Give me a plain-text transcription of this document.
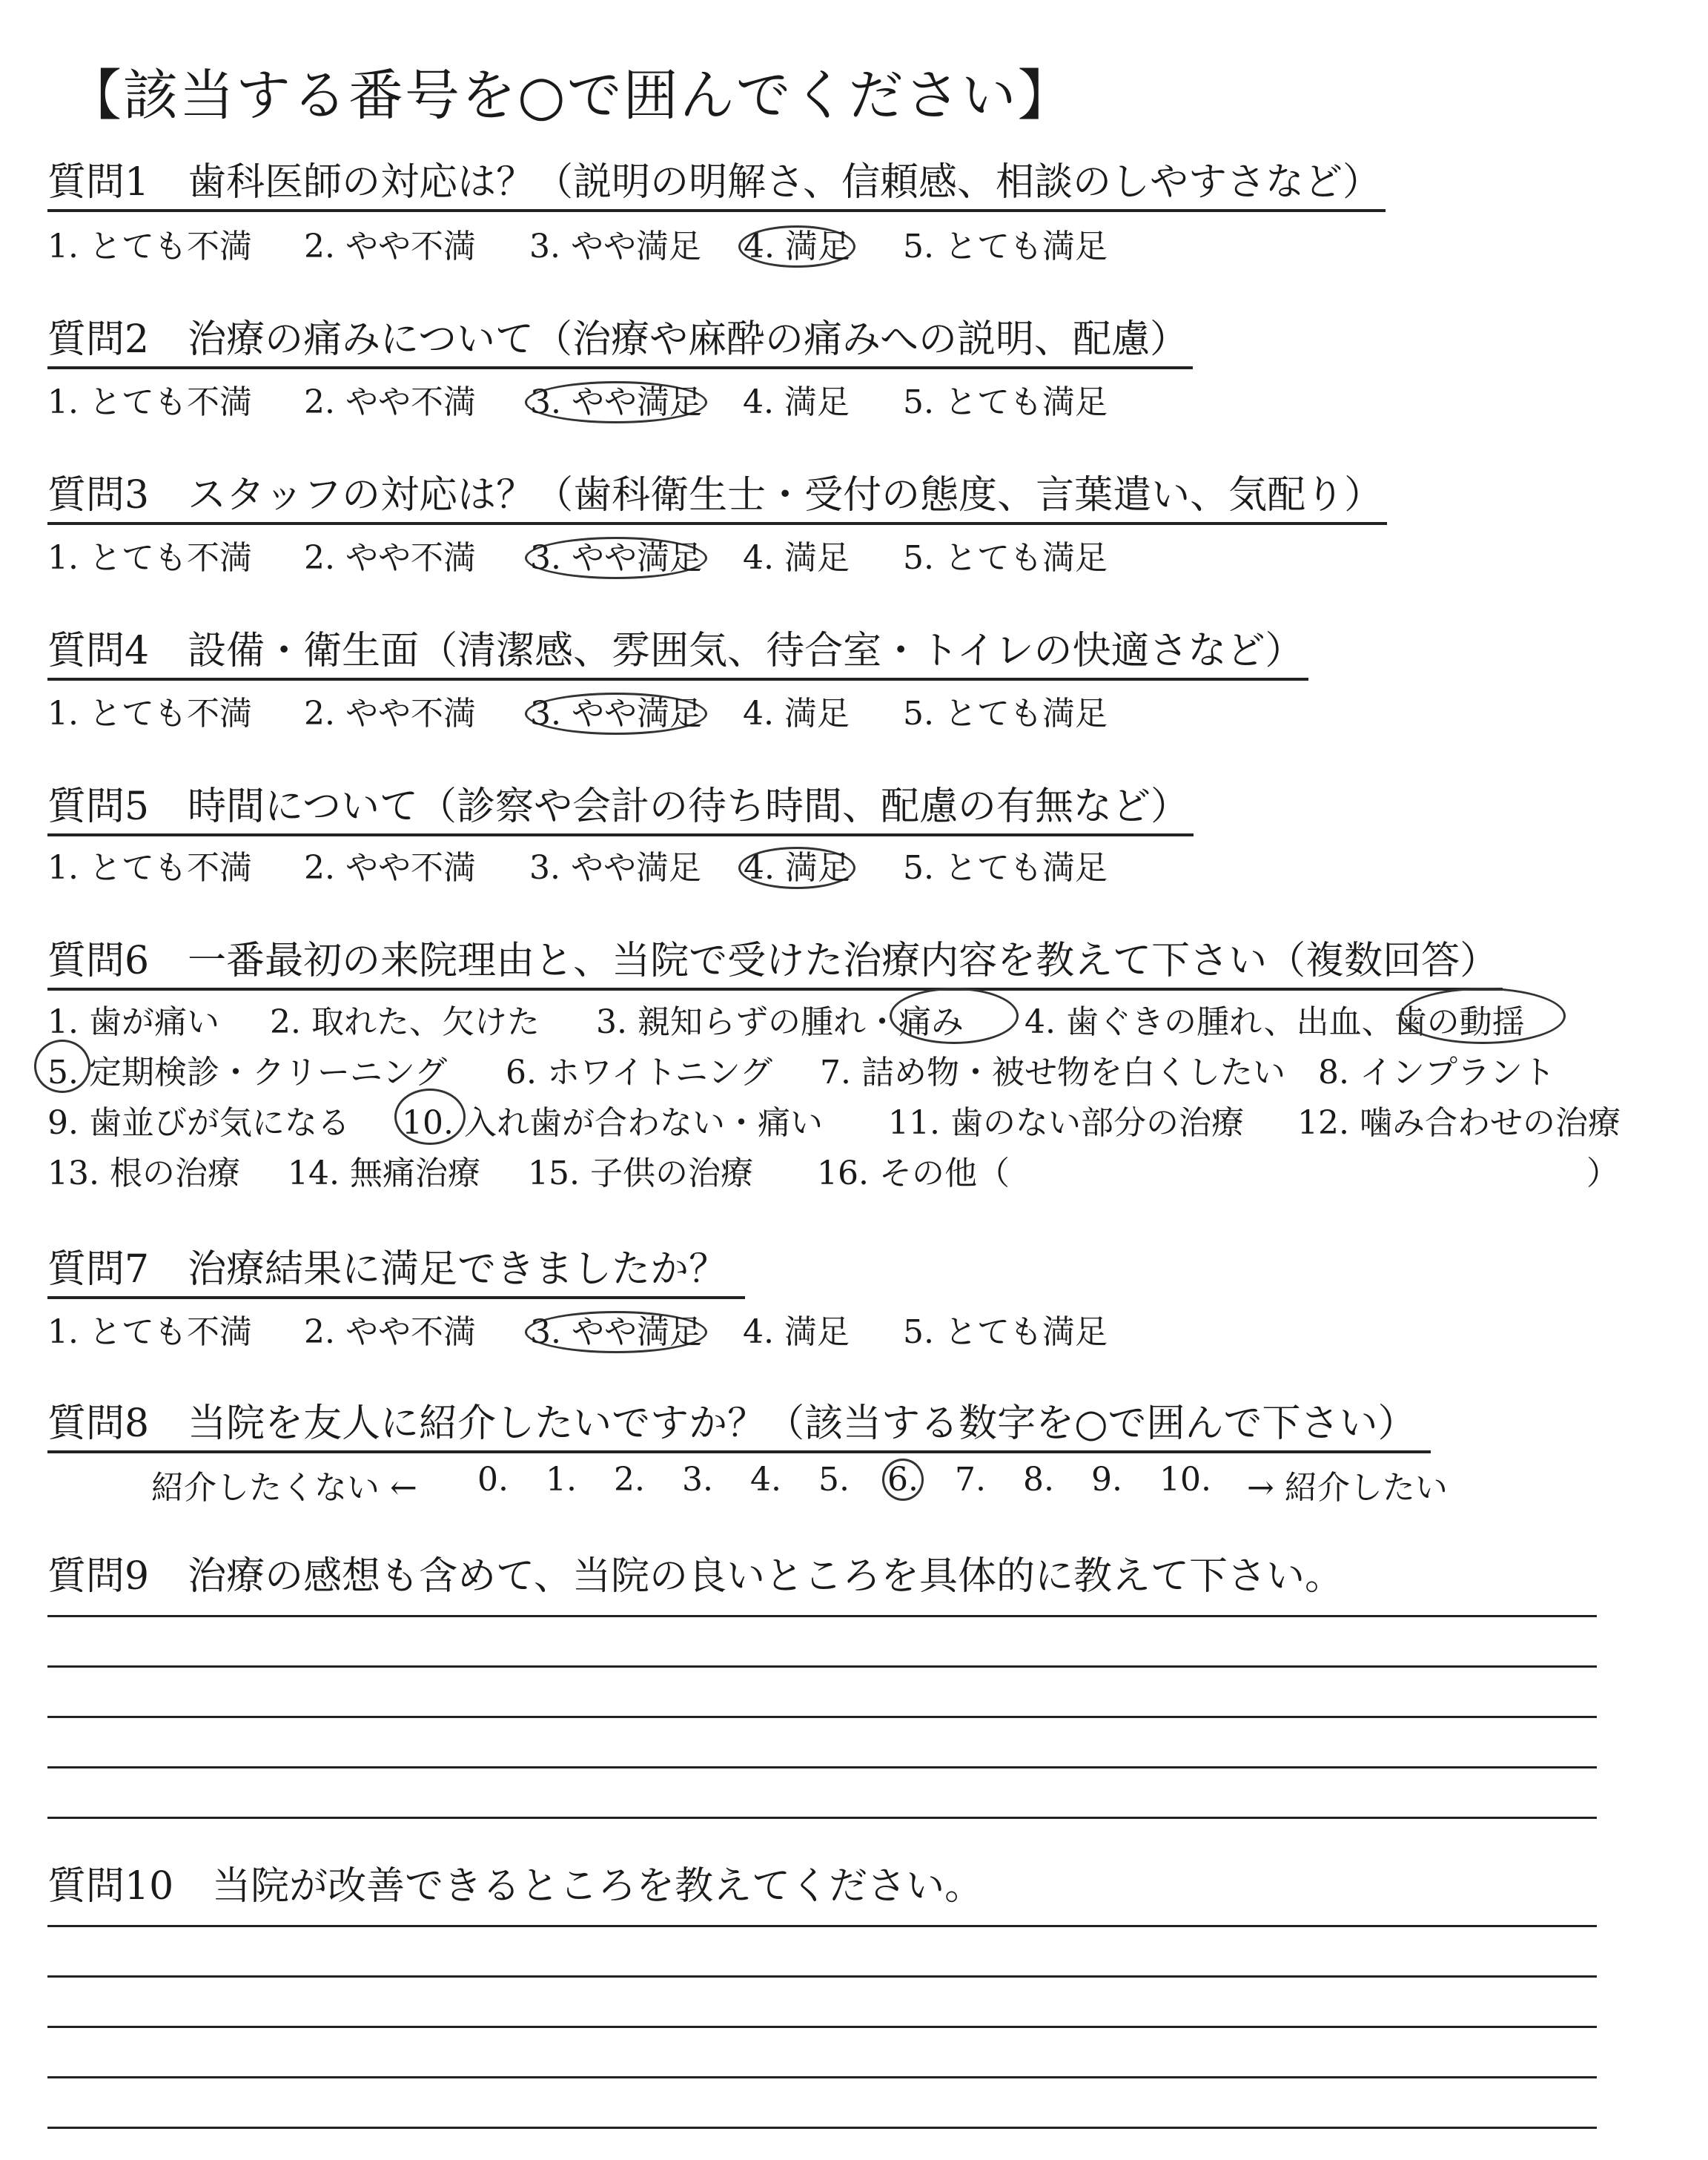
【該当する番号を○で囲んでください】
質問1　歯科医師の対応は？（説明の明解さ、信頼感、相談のしやすさなど）
1. とても不満 2. やや不満 3. やや満足 4. 満足 5. とても満足
質問2　治療の痛みについて（治療や麻酔の痛みへの説明、配慮）
1. とても不満 2. やや不満 3. やや満足 4. 満足 5. とても満足
質問3　スタッフの対応は？（歯科衛生士・受付の態度、言葉遣い、気配り）
1. とても不満 2. やや不満 3. やや満足 4. 満足 5. とても満足
質問4　設備・衛生面（清潔感、雰囲気、待合室・トイレの快適さなど）
1. とても不満 2. やや不満 3. やや満足 4. 満足 5. とても満足
質問5　時間について（診察や会計の待ち時間、配慮の有無など）
1. とても不満 2. やや不満 3. やや満足 4. 満足 5. とても満足
質問6　一番最初の来院理由と、当院で受けた治療内容を教えて下さい（複数回答）
1. 歯が痛い 2. 取れた、欠けた 3. 親知らずの腫れ・痛み 4. 歯ぐきの腫れ、出血、歯の動揺
5. 定期検診・クリーニング 6. ホワイトニング 7. 詰め物・被せ物を白くしたい 8. インプラント
9. 歯並びが気になる 10. 入れ歯が合わない・痛い 11. 歯のない部分の治療 12. 噛み合わせの治療
13. 根の治療 14. 無痛治療 15. 子供の治療 16. その他（	）
質問7　治療結果に満足できましたか？
1. とても不満 2. やや不満 3. やや満足 4. 満足 5. とても満足
質問8　当院を友人に紹介したいですか？（該当する数字を○で囲んで下さい）
紹介したくない ← 0. 1. 2. 3. 4. 5. 6. 7. 8. 9. 10. → 紹介したい
質問9　治療の感想も含めて、当院の良いところを具体的に教えて下さい。
質問10　当院が改善できるところを教えてください。
